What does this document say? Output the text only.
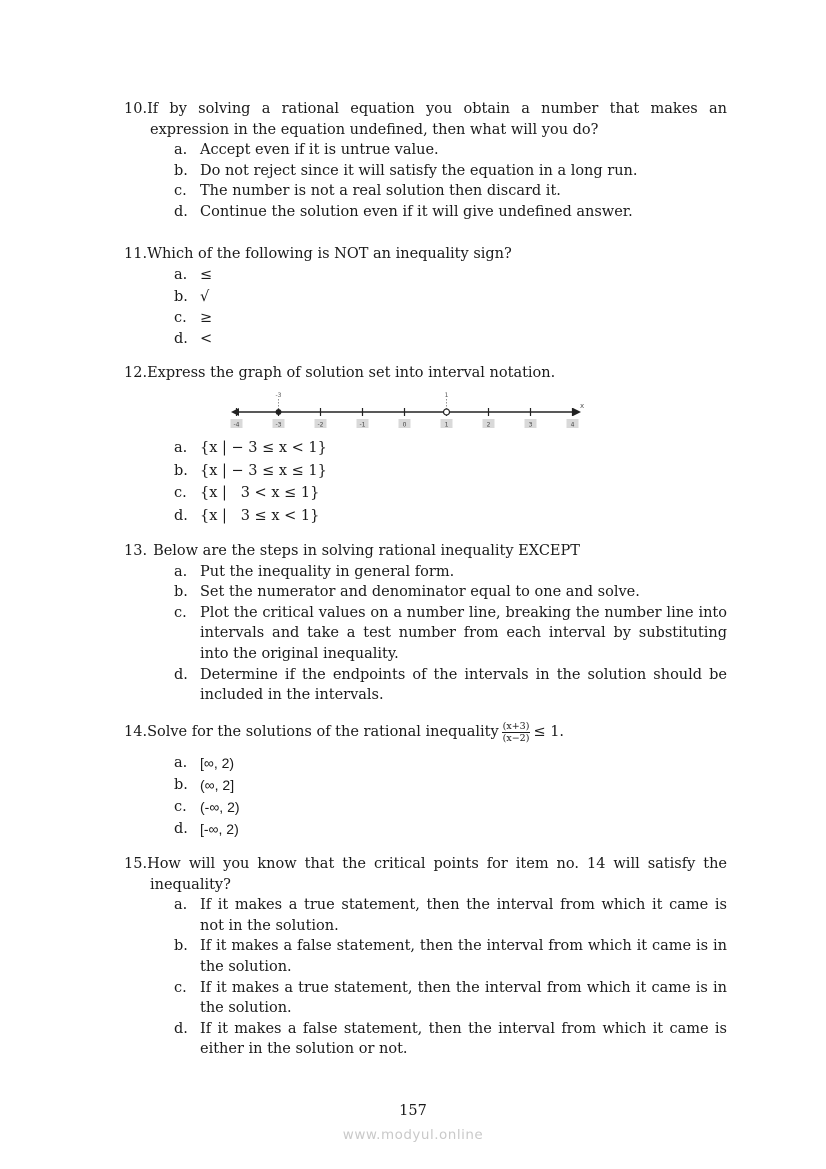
10. If by solving a rational equation you obtain a number that makes an
expression in the equation undefined, then what will you do?
a. Accept even if it is untrue value.
b. Do not reject since it will satisfy the equation in a long run.
c. The number is not a real solution then discard it.
d. Continue the solution even if it will give undefined answer.
11. Which of the following is NOT an inequality sign?
a. ≤
b. √
c. ≥
d. <
12. Express the graph of solution set into interval notation.
-4	-3	-2	-1	0	1	2	3	4
-3	1
x
a. {x | − 3 ≤ x < 1}
b. {x | − 3 ≤ x ≤ 1}
c. {x |   3 < x ≤ 1}
d. {x |   3 ≤ x < 1}
13. Below are the steps in solving rational inequality EXCEPT
a. Put the inequality in general form.
b. Set the numerator and denominator equal to one and solve.
c. Plot the critical values on a number line, breaking the number line into intervals and take a test number from each interval by substituting into the original inequality.
d. Determine if the endpoints of the intervals in the solution should be included in the intervals.
14. Solve for the solutions of the rational inequality $\frac{(x+3)}{(x-2)} \le 1$.
a. [∞, 2)
b. (∞, 2]
c. (-∞, 2)
d. [-∞, 2)
15. How will you know that the critical points for item no. 14 will satisfy the
inequality?
a. If it makes a true statement, then the interval from which it came is not in the solution.
b. If it makes a false statement, then the interval from which it came is in the solution.
c. If it makes a true statement, then the interval from which it came is in the solution.
d. If it makes a false statement, then the interval from which it came is either in the solution or not.
157
www.modyul.online
